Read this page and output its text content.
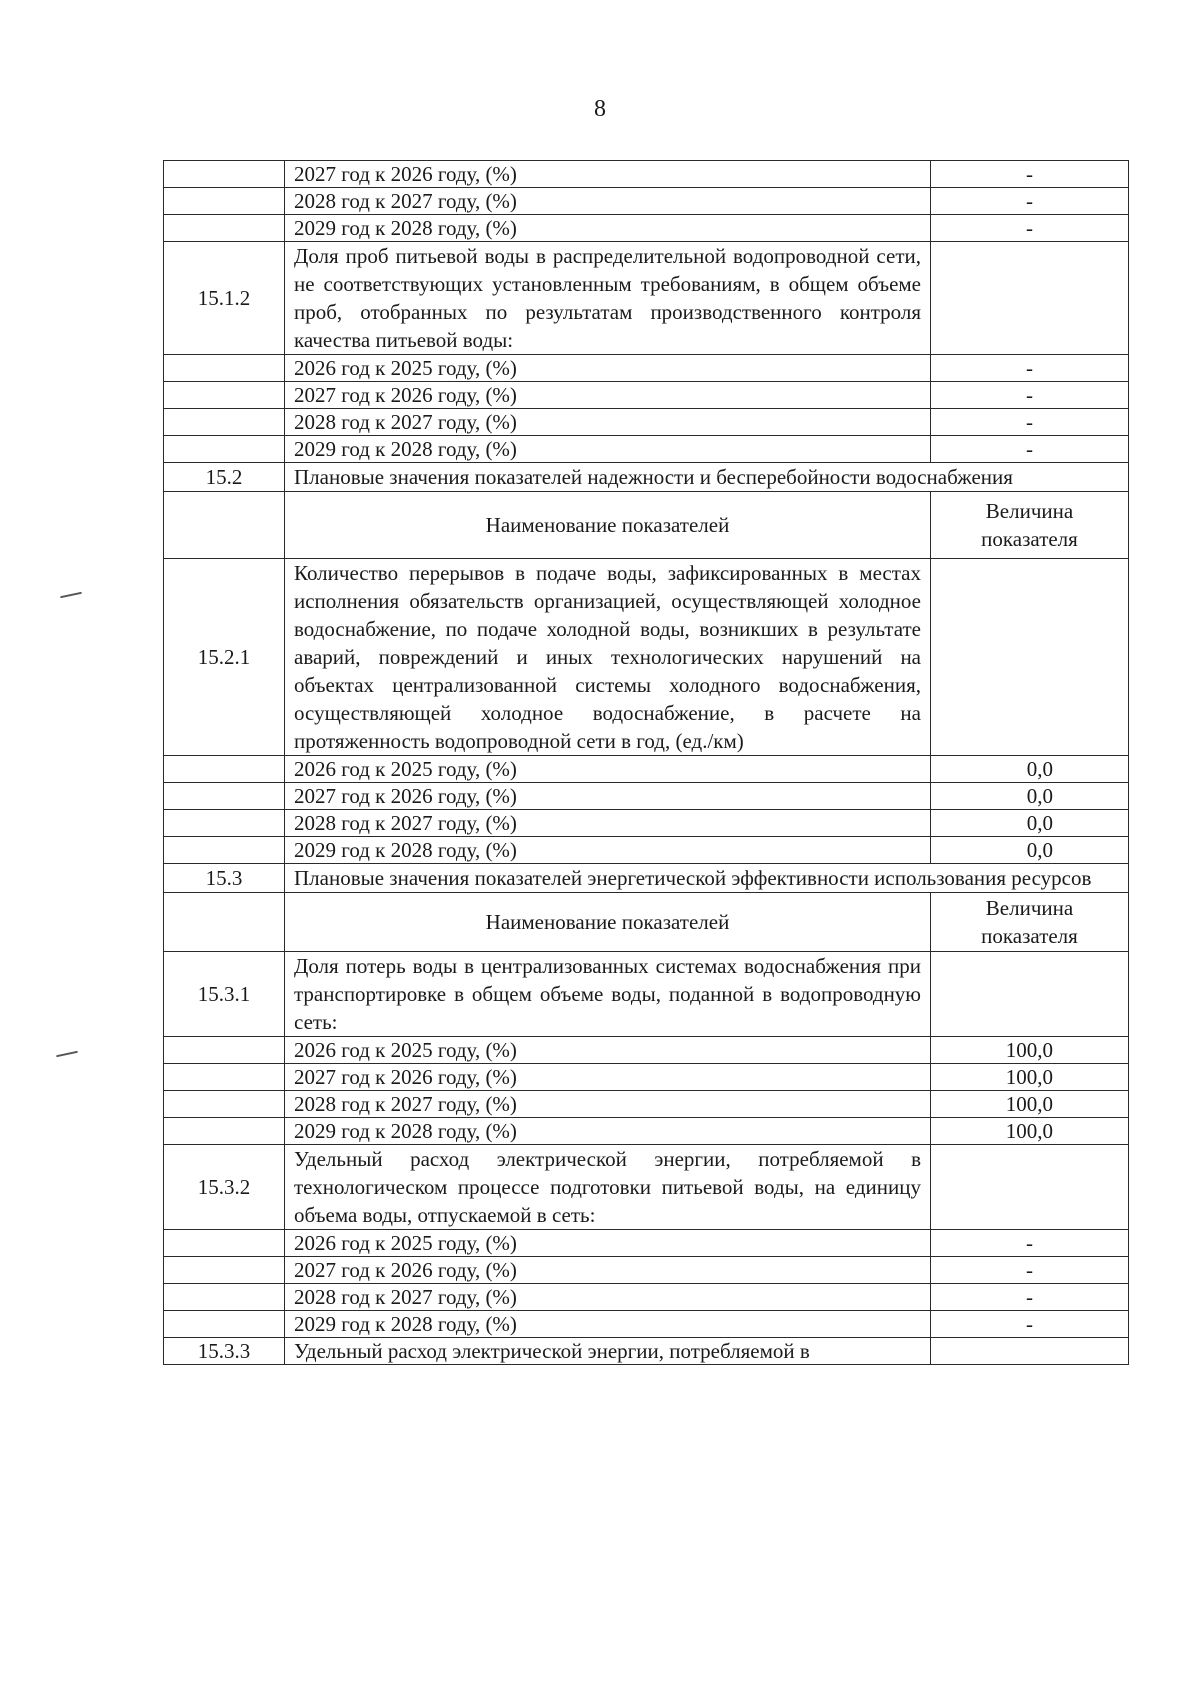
8
	2027 год к 2026 году, (%)	-
	2028 год к 2027 году, (%)	-
	2029 год к 2028 году, (%)	-
15.1.2	Доля проб питьевой воды в распределительной водопроводной сети, не соответствующих установленным требованиям, в общем объеме проб, отобранных по результатам производственного контроля качества питьевой воды:	
	2026 год к 2025 году, (%)	-
	2027 год к 2026 году, (%)	-
	2028 год к 2027 году, (%)	-
	2029 год к 2028 году, (%)	-
15.2	Плановые значения показателей надежности и бесперебойности водоснабжения	
	Наименование показателей	Величина показателя
15.2.1	Количество перерывов в подаче воды, зафиксированных в местах исполнения обязательств организацией, осуществляющей холодное водоснабжение, по подаче холодной воды, возникших в результате аварий, повреждений и иных технологических нарушений на объектах централизованной системы холодного водоснабжения, осуществляющей холодное водоснабжение, в расчете на протяженность водопроводной сети в год, (ед./км)	
	2026 год к 2025 году, (%)	0,0
	2027 год к 2026 году, (%)	0,0
	2028 год к 2027 году, (%)	0,0
	2029 год к 2028 году, (%)	0,0
15.3	Плановые значения показателей энергетической эффективности использования ресурсов	
	Наименование показателей	Величина показателя
15.3.1	Доля потерь воды в централизованных системах водоснабжения при транспортировке в общем объеме воды, поданной в водопроводную сеть:	
	2026 год к 2025 году, (%)	100,0
	2027 год к 2026 году, (%)	100,0
	2028 год к 2027 году, (%)	100,0
	2029 год к 2028 году, (%)	100,0
15.3.2	Удельный расход электрической энергии, потребляемой в технологическом процессе подготовки питьевой воды, на единицу объема воды, отпускаемой в сеть:	
	2026 год к 2025 году, (%)	-
	2027 год к 2026 году, (%)	-
	2028 год к 2027 году, (%)	-
	2029 год к 2028 году, (%)	-
15.3.3	Удельный расход электрической энергии, потребляемой в	
